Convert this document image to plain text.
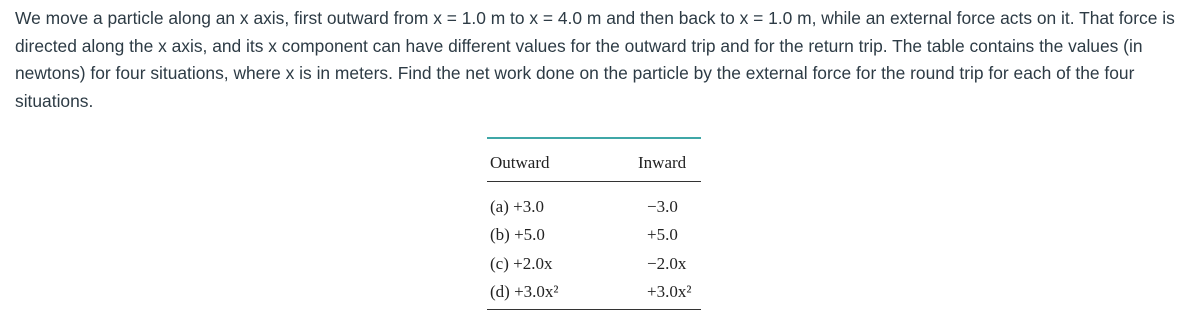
We move a particle along an x axis, first outward from x = 1.0 m to x = 4.0 m and then back to x = 1.0 m, while an external force acts on it. That force is directed along the x axis, and its x component can have different values for the outward trip and for the return trip. The table contains the values (in newtons) for four situations, where x is in meters. Find the net work done on the particle by the external force for the round trip for each of the four situations.

Outward	Inward
(a) +3.0	−3.0
(b) +5.0	+5.0
(c) +2.0x	−2.0x
(d) +3.0x²	+3.0x²
